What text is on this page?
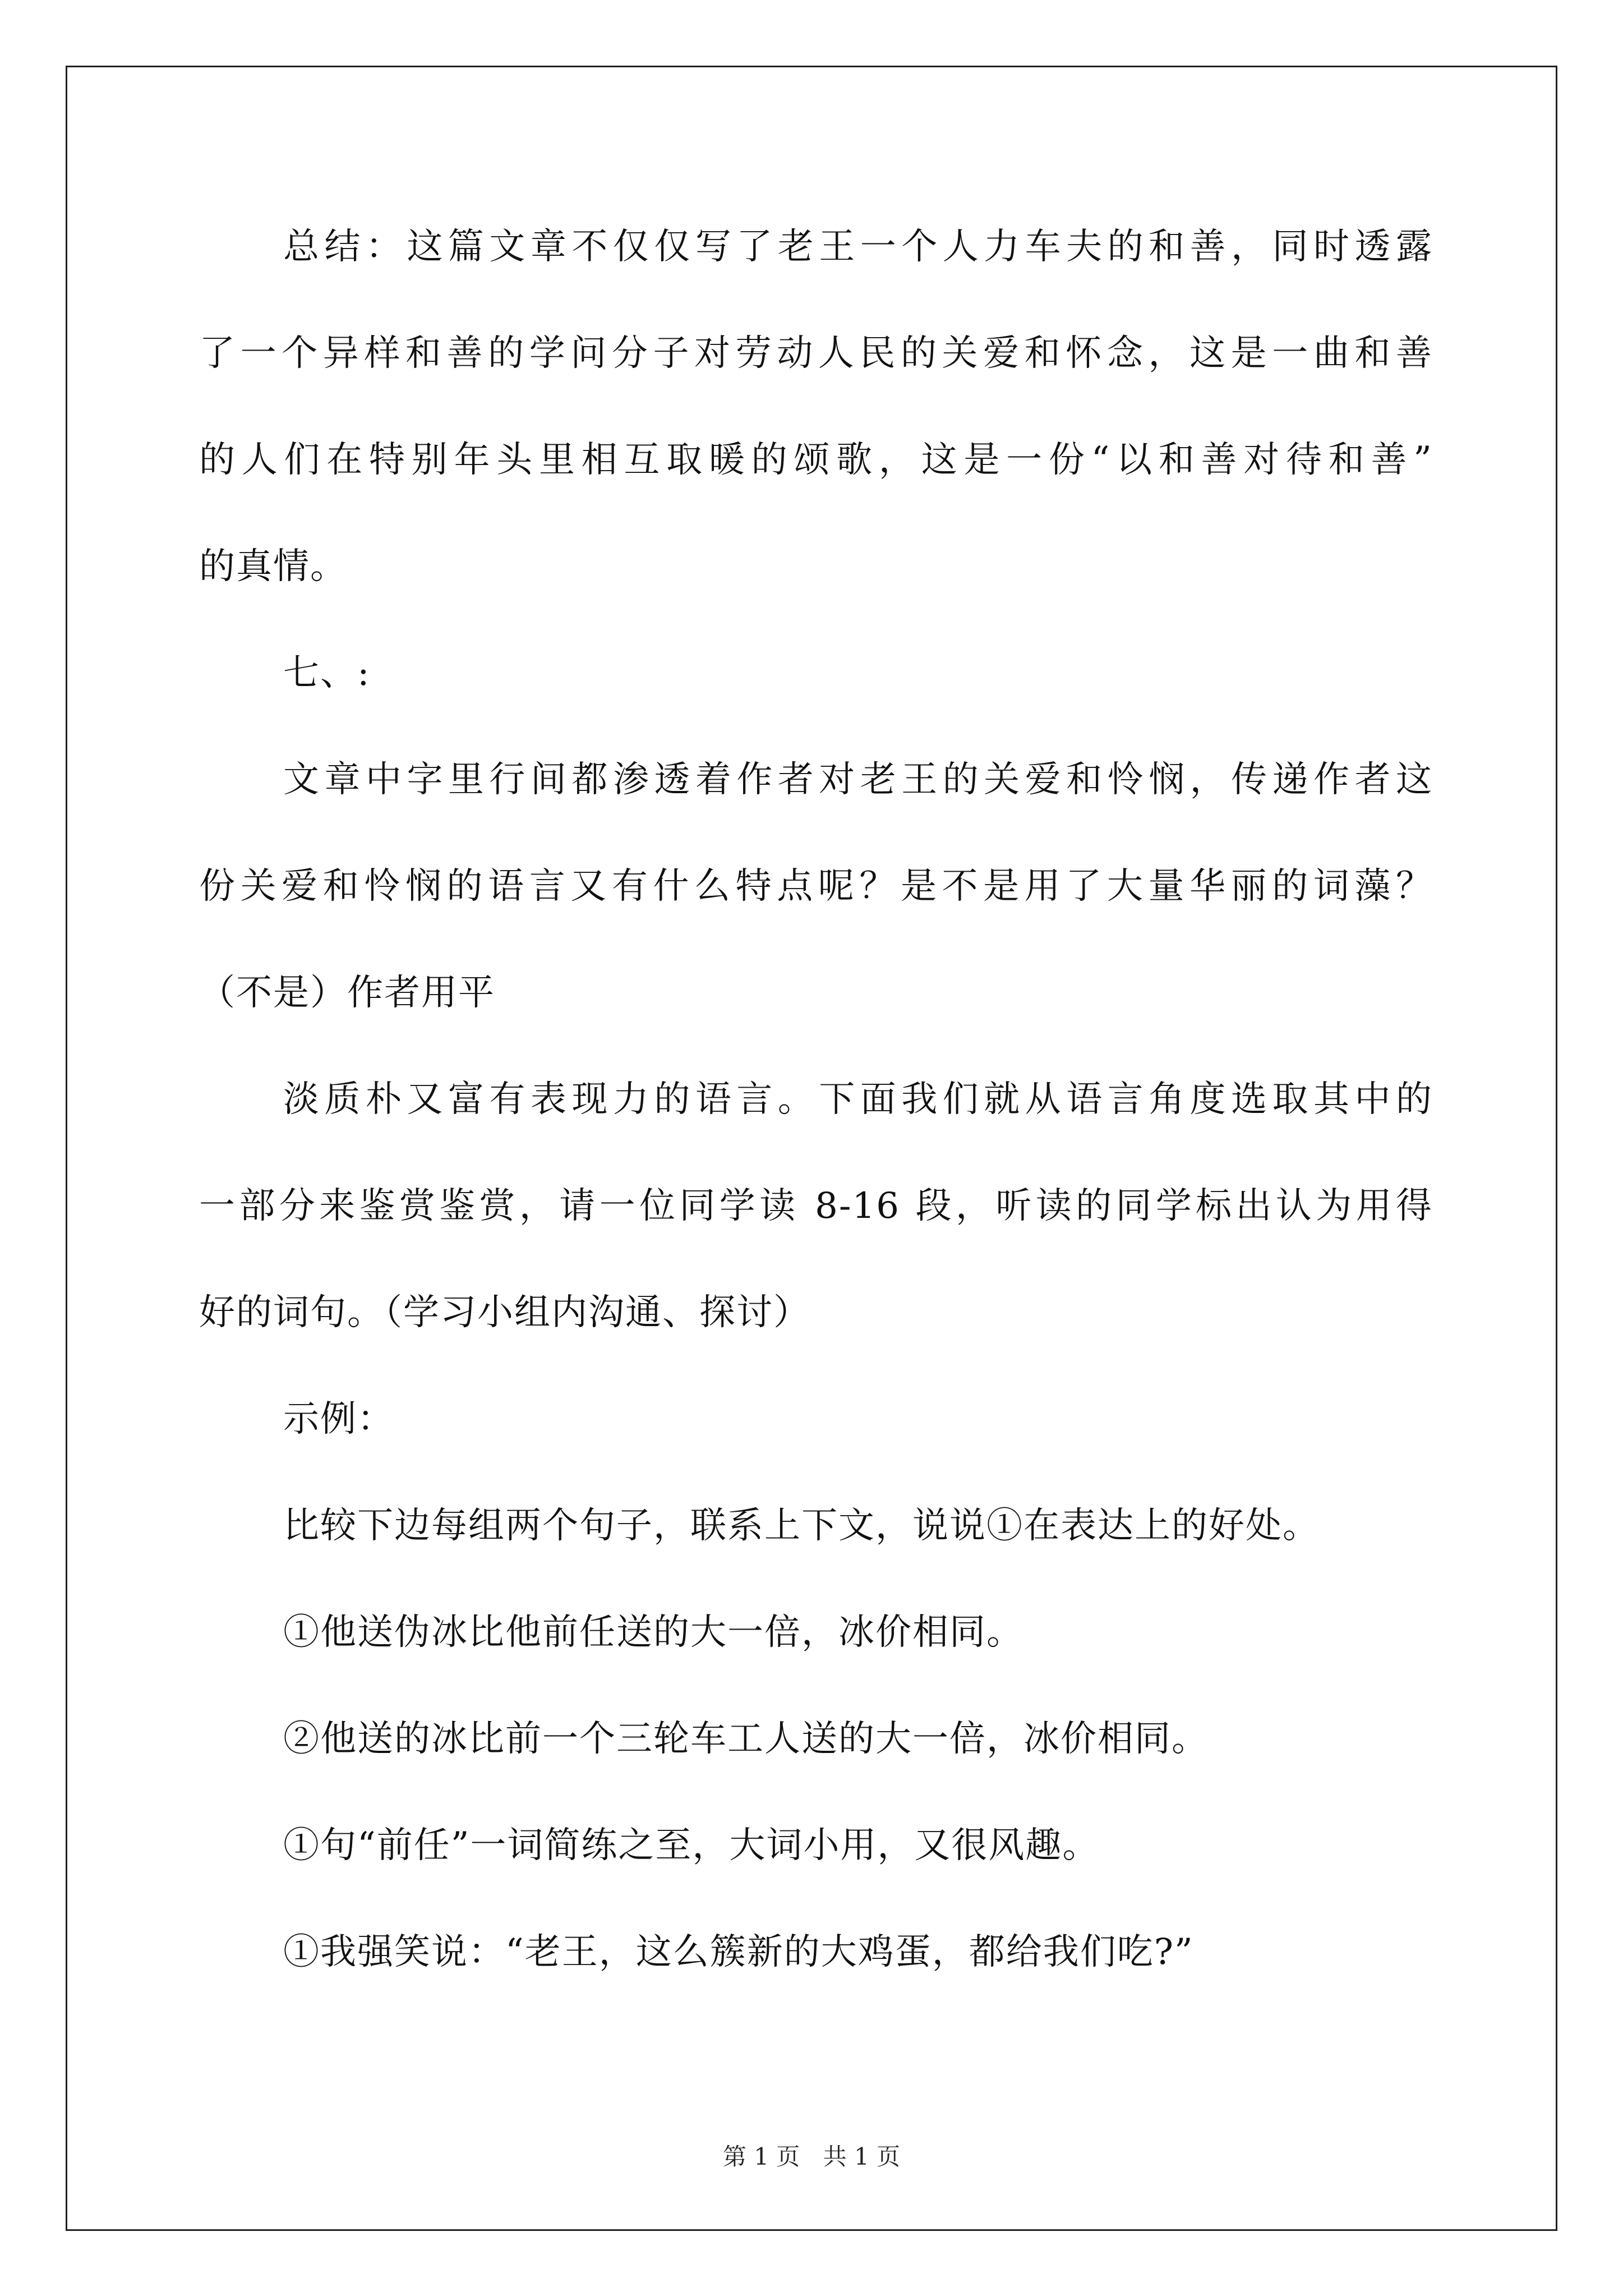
总结：这篇文章不仅仅写了老王一个人力车夫的和善，同时透露
了一个异样和善的学问分子对劳动人民的关爱和怀念，这是一曲和善
的人们在特别年头里相互取暖的颂歌，这是一份“以和善对待和善”
的真情。
七、:
文章中字里行间都渗透着作者对老王的关爱和怜悯，传递作者这
份关爱和怜悯的语言又有什么特点呢？是不是用了大量华丽的词藻？
（不是）作者用平
淡质朴又富有表现力的语言。下面我们就从语言角度选取其中的
一部分来鉴赏鉴赏，请一位同学读 8-16 段，听读的同学标出认为用得
好的词句。（学习小组内沟通、探讨）
示例：
比较下边每组两个句子，联系上下文，说说①在表达上的好处。
①他送伪冰比他前任送的大一倍，冰价相同。
②他送的冰比前一个三轮车工人送的大一倍，冰价相同。
①句“前任”一词简练之至，大词小用，又很风趣。
①我强笑说：“老王，这么簇新的大鸡蛋，都给我们吃?”
第 1 页 共 1 页
